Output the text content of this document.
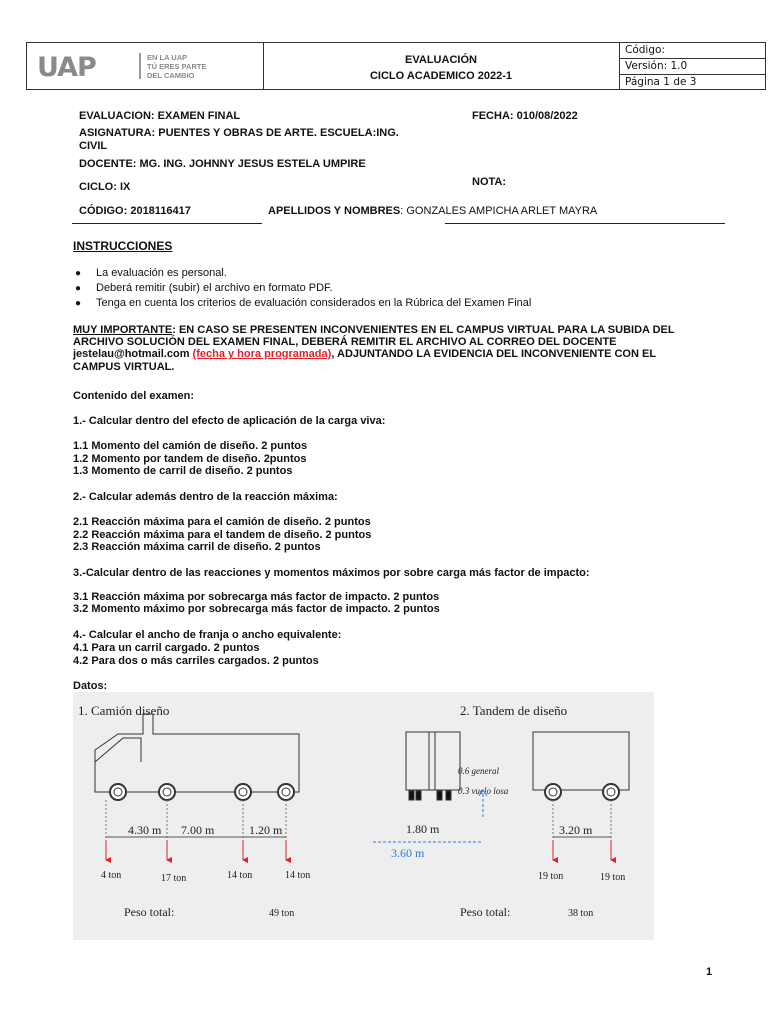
UAP	EN LA UAP
TÚ ERES PARTE
DEL CAMBIO
EVALUACIÓN
CICLO ACADEMICO 2022-1
Código:
Versión: 1.0
Página 1 de 3
EVALUACION: EXAMEN FINAL	FECHA: 010/08/2022
ASIGNATURA: PUENTES Y OBRAS DE ARTE. ESCUELA:ING.
CIVIL
DOCENTE: MG. ING. JOHNNY JESUS ESTELA UMPIRE
CICLO: IX	NOTA:
CÓDIGO: 2018116417	APELLIDOS Y NOMBRES: GONZALES AMPICHA ARLET MAYRA
INSTRUCCIONES
● La evaluación es personal.
● Deberá remitir (subir) el archivo en formato PDF.
● Tenga en cuenta los criterios de evaluación considerados en la Rúbrica del Examen Final
MUY IMPORTANTE: EN CASO SE PRESENTEN INCONVENIENTES EN EL CAMPUS VIRTUAL PARA LA SUBIDA DEL
ARCHIVO SOLUCIÓN DEL EXAMEN FINAL, DEBERÁ REMITIR EL ARCHIVO AL CORREO DEL DOCENTE
jestelau@hotmail.com (fecha y hora programada), ADJUNTANDO LA EVIDENCIA DEL INCONVENIENTE CON EL
CAMPUS VIRTUAL.
Contenido del examen:
1.- Calcular dentro del efecto de aplicación de la carga viva:
1.1 Momento del camión de diseño. 2 puntos
1.2 Momento por tandem de diseño. 2puntos
1.3 Momento de carril de diseño. 2 puntos
2.- Calcular además dentro de la reacción máxima:
2.1 Reacción máxima para el camión de diseño. 2 puntos
2.2 Reacción máxima para el tandem de diseño. 2 puntos
2.3 Reacción máxima carril de diseño. 2 puntos
3.-Calcular dentro de las reacciones y momentos máximos por sobre carga más factor de impacto:
3.1 Reacción máxima por sobrecarga más factor de impacto. 2 puntos
3.2 Momento máximo por sobrecarga más factor de impacto. 2 puntos
4.- Calcular el ancho de franja o ancho equivalente:
4.1 Para un carril cargado. 2 puntos
4.2 Para dos o más carriles cargados. 2 puntos
Datos:
1. Camión diseño
4.30 m 7.00 m	1.20 m
4 ton	17 ton	14 ton	14 ton
Peso total:	49 ton
2. Tandem de diseño
0.6 general
0.3 vuelo losa
1.80 m
3.60 m
3.20 m
19 ton	19 ton
Peso total:	38 ton
1
